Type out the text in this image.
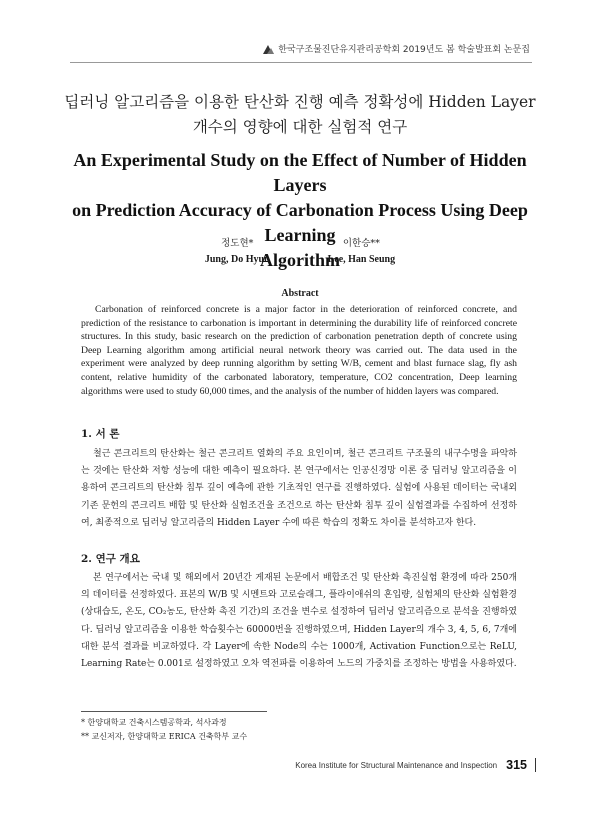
한국구조물진단유지관리공학회 2019년도 봄 학술발표회 논문집
딥러닝 알고리즘을 이용한 탄산화 진행 예측 정확성에 Hidden Layer
개수의 영향에 대한 실험적 연구
An Experimental Study on the Effect of Number of Hidden Layers
on Prediction Accuracy of Carbonation Process Using Deep Learning
Algorithm
정도현*
Jung, Do Hyun
이한승**
Lee, Han Seung
Abstract

Carbonation of reinforced concrete is a major factor in the deterioration of reinforced concrete, and prediction of the resistance to carbonation is important in determining the durability life of reinforced concrete structures. In this study, basic research on the prediction of carbonation penetration depth of concrete using Deep Learning algorithm among artificial neural network theory was carried out. The data used in the experiment were analyzed by deep running algorithm by setting W/B, cement and blast furnace slag, fly ash content, relative humidity of the carbonated laboratory, temperature, CO2 concentration, Deep learning algorithms were used to study 60,000 times, and the analysis of the number of hidden layers was compared.

1. 서 론

철근 콘크리트의 탄산화는 철근 콘크리트 열화의 주요 요인이며, 철근 콘크리트 구조물의 내구수명을 파악하는 것에는 탄산화 저항 성능에 대한 예측이 필요하다. 본 연구에서는 인공신경망 이론 중 딥러닝 알고리즘을 이용하여 콘크리트의 탄산화 침투 깊이 예측에 관한 기초적인 연구를 진행하였다. 실험에 사용된 데이터는 국내외 기존 문헌의 콘크리트 배합 및 탄산화 실험조건을 조건으로 하는 탄산화 침투 깊이 실험결과를 수집하여 선정하여, 최종적으로 딥러닝 알고리즘의 Hidden Layer 수에 따른 학습의 정확도 차이를 분석하고자 한다.

2. 연구 개요

본 연구에서는 국내 및 해외에서 20년간 게재된 논문에서 배합조건 및 탄산화 촉진실험 환경에 따라 250개의 데이터를 선정하였다. 표본의 W/B 및 시멘트와 고로슬래그, 플라이애쉬의 혼입량, 실험체의 탄산화 실험환경(상대습도, 온도, CO₂농도, 탄산화 촉진 기간)의 조건을 변수로 설정하여 딥러닝 알고리즘으로 분석을 진행하였다. 딥러닝 알고리즘을 이용한 학습횟수는 60000번을 진행하였으며, Hidden Layer의 개수 3, 4, 5, 6, 7개에 대한 분석 결과를 비교하였다. 각 Layer에 속한 Node의 수는 1000개, Activation Function으로는 ReLU, Learning Rate는 0.001로 설정하였고 오차 역전파를 이용하여 노드의 가중치를 조정하는 방법을 사용하였다.

* 한양대학교 건축시스템공학과, 석사과정
** 교신저자, 한양대학교 ERICA 건축학부 교수
Korea Institute for Structural Maintenance and Inspection 315
